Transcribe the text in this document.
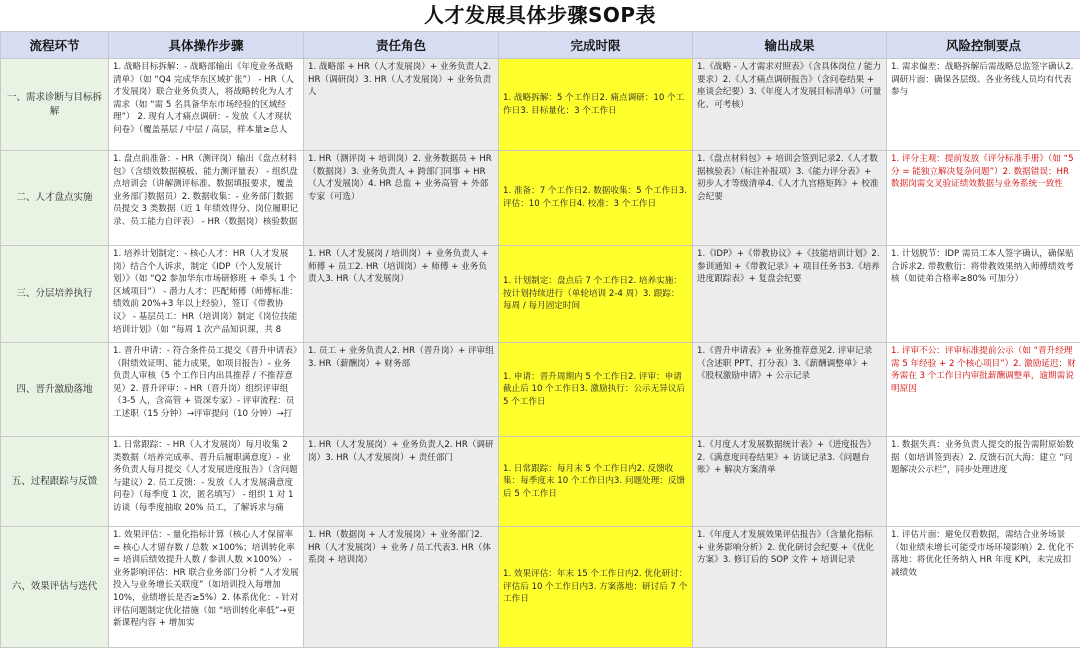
人才发展具体步骤SOP表
流程环节	具体操作步骤	责任角色	完成时限	输出成果	风险控制要点
一、需求诊断与目标拆解	1. 战略目标拆解：- 战略部输出《年度业务战略清单》（如 “Q4 完成华东区域扩张”） - HR（人才发展岗）联合业务负责人，将战略转化为人才需求（如 “需 5 名具备华东市场经验的区域经理”） 2. 现有人才痛点调研：- 发放《人才现状问卷》（覆盖基层 / 中层 / 高层，样本量≥总人	1. 战略部 + HR（人才发展岗）+ 业务负责人2. HR（调研岗）3. HR（人才发展岗）+ 业务负责人	1. 战略拆解：5 个工作日2. 痛点调研：10 个工作日3. 目标量化：3 个工作日	1.《战略 - 人才需求对照表》（含具体岗位 / 能力要求）2.《人才痛点调研报告》（含问卷结果 + 座谈会纪要）3.《年度人才发展目标清单》（可量化、可考核）	1. 需求偏差：战略拆解后需战略总监签字确认2. 调研片面：确保各层级、各业务线人员均有代表参与

二、人才盘点实施	1. 盘点前准备：- HR（测评岗）输出《盘点材料包》（含绩效数据模板、能力测评量表） - 组织盘点培训会（讲解测评标准、数据填报要求，覆盖业务部门数据员）2. 数据收集：- 业务部门数据员提交 3 类数据（近 1 年绩效得分、岗位履职记录、员工能力自评表） - HR（数据岗）核验数据	1. HR（测评岗 + 培训岗）2. 业务数据员 + HR（数据岗）3. 业务负责人 + 跨部门同事 + HR（人才发展岗）4. HR 总监 + 业务高管 + 外部专家（可选）	1. 准备：7 个工作日2. 数据收集：5 个工作日3. 评估：10 个工作日4. 校准：3 个工作日	1.《盘点材料包》+ 培训会签到记录2.《人才数据核验表》（标注补报项）3.《能力评分表》+ 初步人才等级清单4.《人才九宫格矩阵》+ 校准会纪要	1. 评分主观：提前发放《评分标准手册》（如 “5 分 = 能独立解决复杂问题”）2. 数据错误：HR 数据岗需交叉验证绩效数据与业务系统一致性

三、分层培养执行	1. 培养计划制定：- 核心人才：HR（人才发展岗）结合个人诉求，制定《IDP（个人发展计划）》（如 “Q2 参加华东市场研修班 + 牵头 1 个区域项目”） - 潜力人才：匹配师傅（师傅标准：绩效前 20%+3 年以上经验），签订《带教协议》 - 基层员工：HR（培训岗）制定《岗位技能培训计划》（如 “每周 1 次产品知识课，共 8	1. HR（人才发展岗 / 培训岗）+ 业务负责人 + 师傅 + 员工2. HR（培训岗）+ 师傅 + 业务负责人3. HR（人才发展岗）	1. 计划制定：盘点后 7 个工作日2. 培养实施：按计划持续进行（单轮培训 2-4 周）3. 跟踪：每周 / 每月固定时间	1.《IDP》+《带教协议》+《技能培训计划》2. 参训通知 +《带教记录》+ 项目任务书3.《培养进度跟踪表》+ 复盘会纪要	1. 计划脱节：IDP 需员工本人签字确认，确保贴合诉求2. 带教敷衍：将带教效果纳入师傅绩效考核（如徒弟合格率≥80% 可加分）

四、晋升激励落地	1. 晋升申请：- 符合条件员工提交《晋升申请表》（附绩效证明、能力成果，如项目报告）- 业务负责人审核（5 个工作日内出具推荐 / 不推荐意见）2. 晋升评审：- HR（晋升岗）组织评审组（3-5 人，含高管 + 资深专家）- 评审流程：员工述职（15 分钟）→评审提问（10 分钟）→打	1. 员工 + 业务负责人2. HR（晋升岗）+ 评审组3. HR（薪酬岗）+ 财务部	1. 申请：晋升周期内 5 个工作日2. 评审：申请截止后 10 个工作日3. 激励执行：公示无异议后 5 个工作日	1.《晋升申请表》+ 业务推荐意见2. 评审记录（含述职 PPT、打分表）3.《薪酬调整单》+《股权激励申请》+ 公示记录	1. 评审不公：评审标准提前公示（如 “晋升经理需 5 年经验 + 2 个核心项目”）2. 激励延迟：财务需在 3 个工作日内审批薪酬调整单，逾期需说明原因

五、过程跟踪与反馈	1. 日常跟踪：- HR（人才发展岗）每月收集 2 类数据（培养完成率、晋升后履职满意度）- 业务负责人每月提交《人才发展进度报告》（含问题与建议）2. 员工反馈：- 发放《人才发展满意度问卷》（每季度 1 次，匿名填写） - 组织 1 对 1 访谈（每季度抽取 20% 员工，了解诉求与痛	1. HR（人才发展岗）+ 业务负责人2. HR（调研岗）3. HR（人才发展岗）+ 责任部门	1. 日常跟踪：每月末 5 个工作日内2. 反馈收集：每季度末 10 个工作日内3. 问题处理：反馈后 5 个工作日	1.《月度人才发展数据统计表》+《进度报告》2.《满意度问卷结果》+ 访谈记录3.《问题台账》+ 解决方案清单	1. 数据失真：业务负责人提交的报告需附原始数据（如培训签到表）2. 反馈石沉大海：建立 “问题解决公示栏”，同步处理进度

六、效果评估与迭代	1. 效果评估：- 量化指标计算（核心人才保留率 = 核心人才留存数 / 总数 ×100%；培训转化率 = 培训后绩效提升人数 / 参训人数 ×100%） - 业务影响评估：HR 联合业务部门分析 “人才发展投入与业务增长关联度”（如培训投入每增加 10%，业绩增长是否≥5%）2. 体系优化：- 针对评估问题制定优化措施（如 “培训转化率低”→更新课程内容 + 增加实	1. HR（数据岗 + 人才发展岗）+ 业务部门2. HR（人才发展岗）+ 业务 / 员工代表3. HR（体系岗 + 培训岗）	1. 效果评估：年末 15 个工作日内2. 优化研讨：评估后 10 个工作日内3. 方案落地：研讨后 7 个工作日	1.《年度人才发展效果评估报告》（含量化指标 + 业务影响分析）2. 优化研讨会纪要 +《优化方案》3. 修订后的 SOP 文件 + 培训记录	1. 评估片面：避免仅看数据，需结合业务场景（如业绩未增长可能受市场环境影响）2. 优化不落地：将优化任务纳入 HR 年度 KPI，未完成扣减绩效
